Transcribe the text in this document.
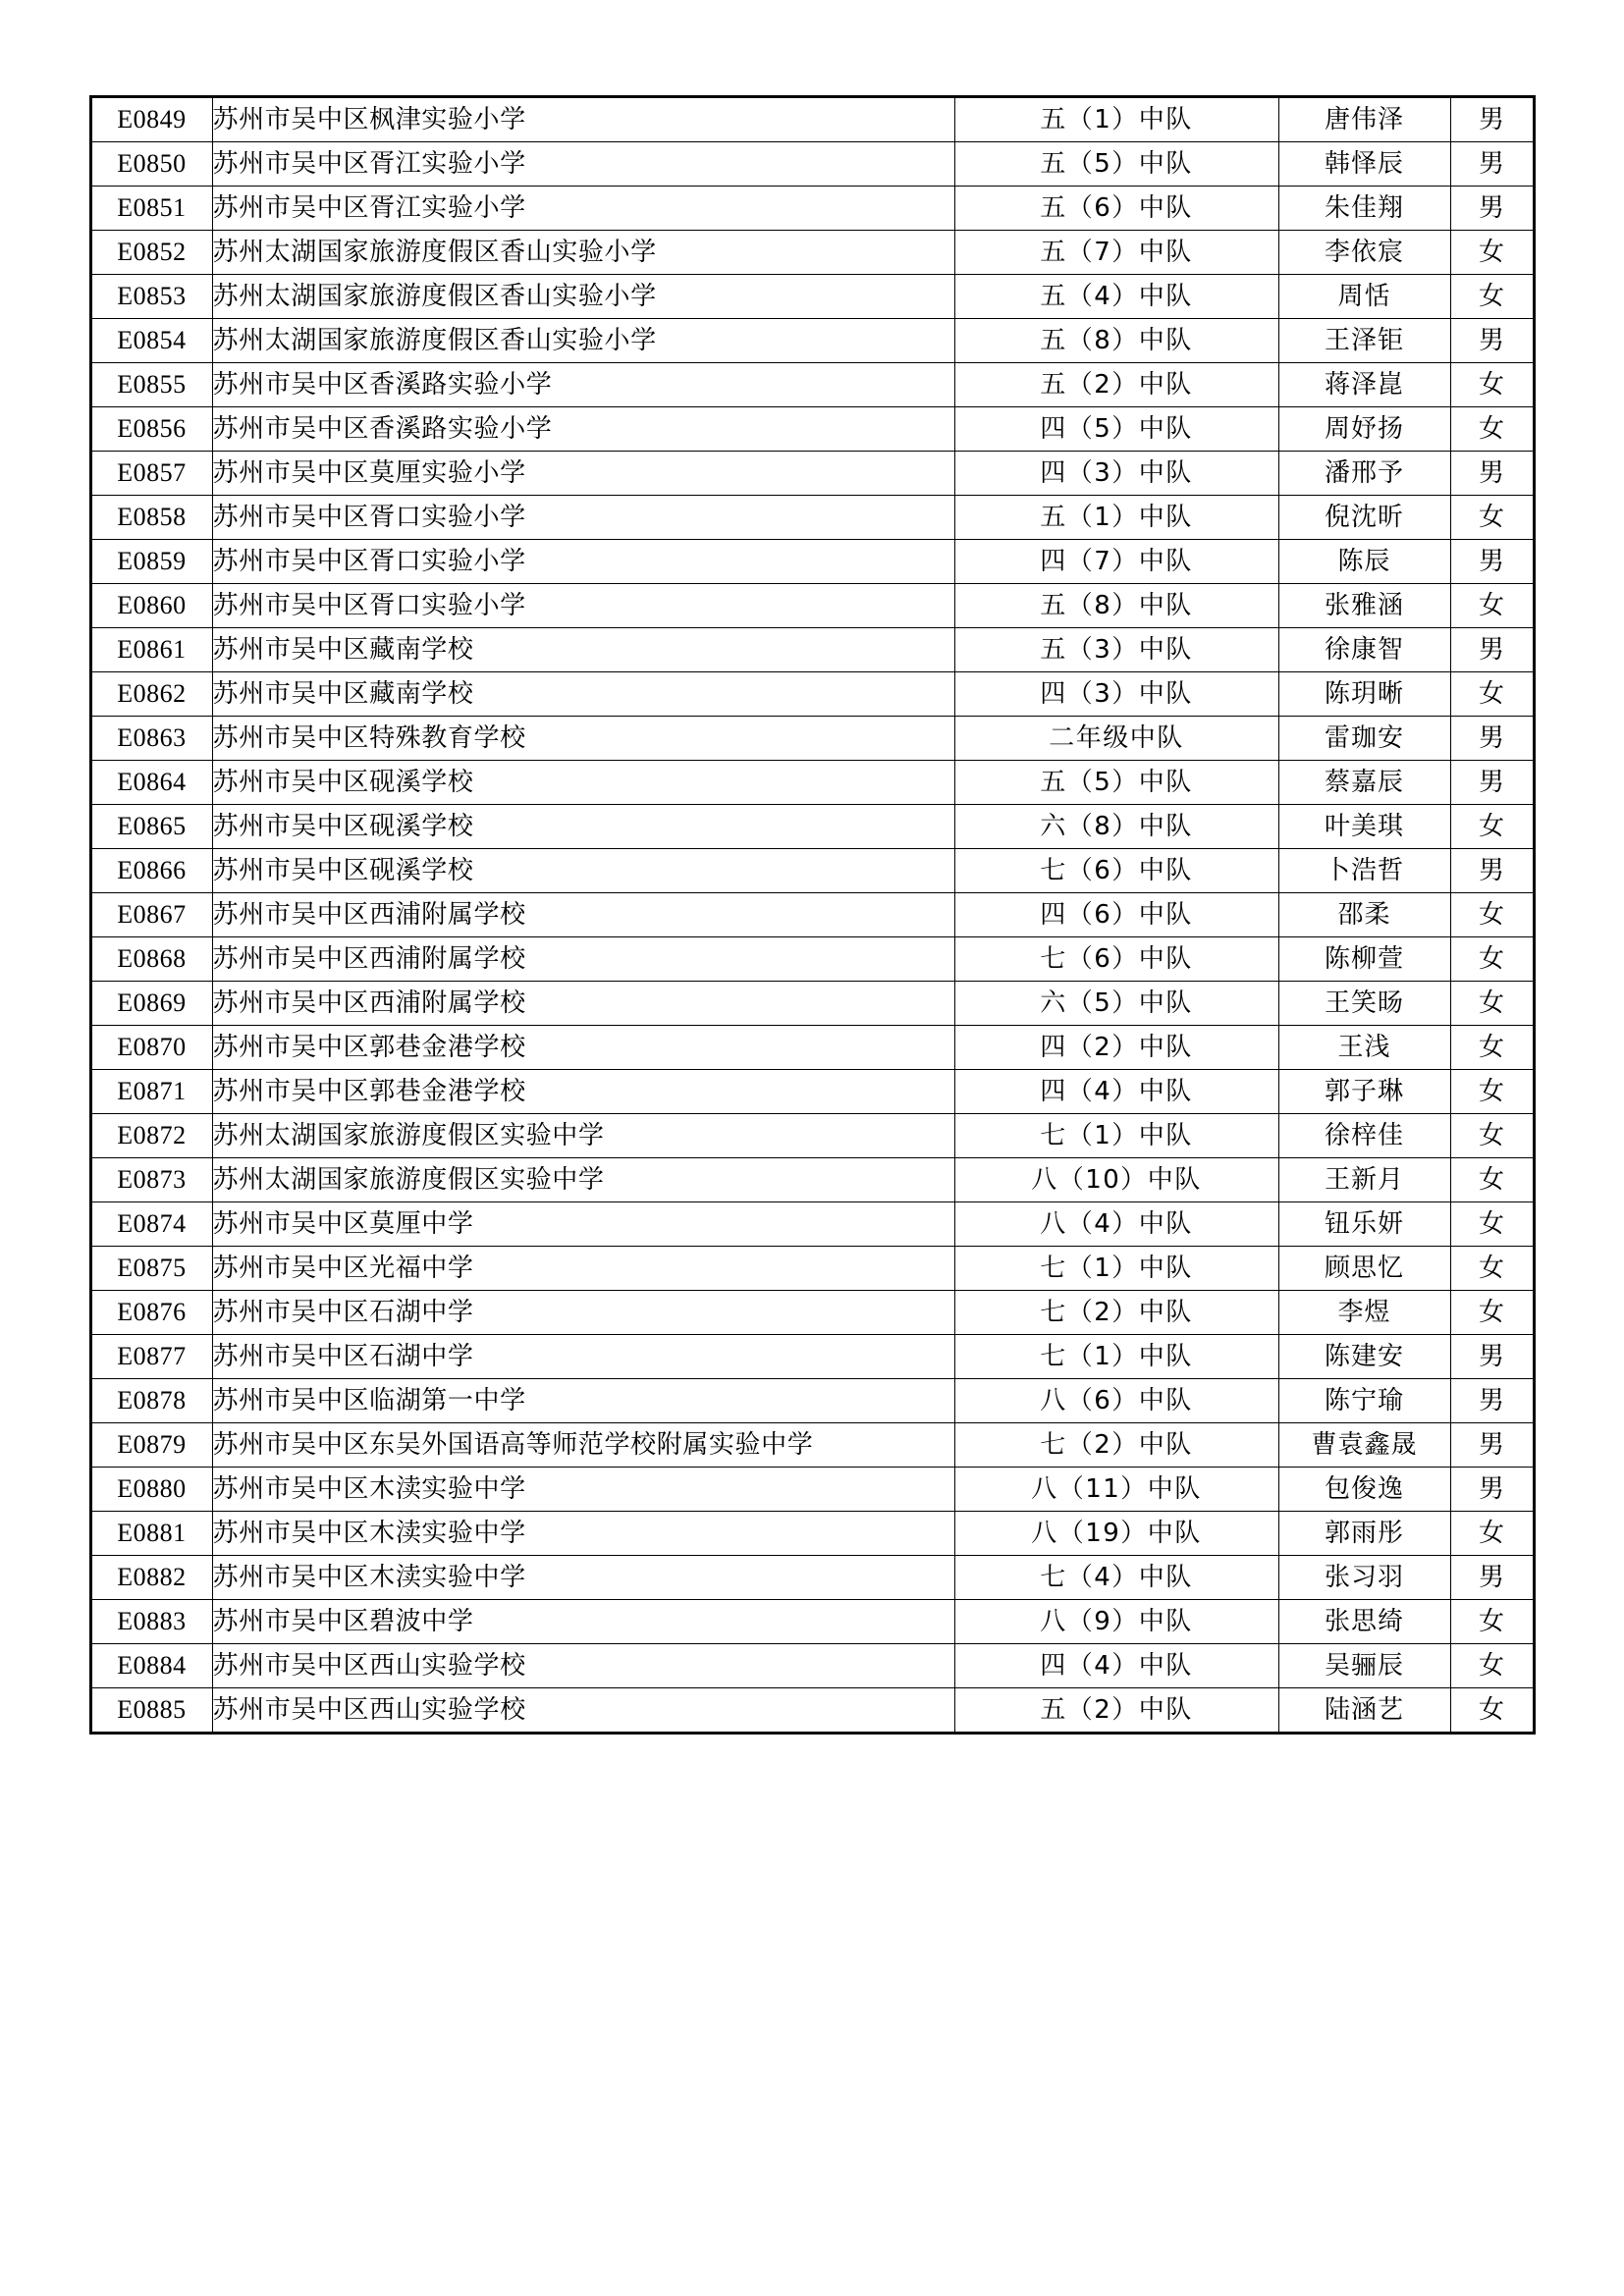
E0849	苏州市吴中区枫津实验小学	五（1）中队	唐伟泽	男
E0850	苏州市吴中区胥江实验小学	五（5）中队	韩怿辰	男
E0851	苏州市吴中区胥江实验小学	五（6）中队	朱佳翔	男
E0852	苏州太湖国家旅游度假区香山实验小学	五（7）中队	李依宸	女
E0853	苏州太湖国家旅游度假区香山实验小学	五（4）中队	周恬	女
E0854	苏州太湖国家旅游度假区香山实验小学	五（8）中队	王泽钜	男
E0855	苏州市吴中区香溪路实验小学	五（2）中队	蒋泽崑	女
E0856	苏州市吴中区香溪路实验小学	四（5）中队	周妤扬	女
E0857	苏州市吴中区莫厘实验小学	四（3）中队	潘邢予	男
E0858	苏州市吴中区胥口实验小学	五（1）中队	倪沈昕	女
E0859	苏州市吴中区胥口实验小学	四（7）中队	陈辰	男
E0860	苏州市吴中区胥口实验小学	五（8）中队	张雅涵	女
E0861	苏州市吴中区藏南学校	五（3）中队	徐康智	男
E0862	苏州市吴中区藏南学校	四（3）中队	陈玥晰	女
E0863	苏州市吴中区特殊教育学校	二年级中队	雷珈安	男
E0864	苏州市吴中区砚溪学校	五（5）中队	蔡嘉辰	男
E0865	苏州市吴中区砚溪学校	六（8）中队	叶美琪	女
E0866	苏州市吴中区砚溪学校	七（6）中队	卜浩哲	男
E0867	苏州市吴中区西浦附属学校	四（6）中队	邵柔	女
E0868	苏州市吴中区西浦附属学校	七（6）中队	陈柳萱	女
E0869	苏州市吴中区西浦附属学校	六（5）中队	王笑旸	女
E0870	苏州市吴中区郭巷金港学校	四（2）中队	王浅	女
E0871	苏州市吴中区郭巷金港学校	四（4）中队	郭子琳	女
E0872	苏州太湖国家旅游度假区实验中学	七（1）中队	徐梓佳	女
E0873	苏州太湖国家旅游度假区实验中学	八（10）中队	王新月	女
E0874	苏州市吴中区莫厘中学	八（4）中队	钮乐妍	女
E0875	苏州市吴中区光福中学	七（1）中队	顾思忆	女
E0876	苏州市吴中区石湖中学	七（2）中队	李煜	女
E0877	苏州市吴中区石湖中学	七（1）中队	陈建安	男
E0878	苏州市吴中区临湖第一中学	八（6）中队	陈宁瑜	男
E0879	苏州市吴中区东吴外国语高等师范学校附属实验中学	七（2）中队	曹袁鑫晟	男
E0880	苏州市吴中区木渎实验中学	八（11）中队	包俊逸	男
E0881	苏州市吴中区木渎实验中学	八（19）中队	郭雨彤	女
E0882	苏州市吴中区木渎实验中学	七（4）中队	张习羽	男
E0883	苏州市吴中区碧波中学	八（9）中队	张思绮	女
E0884	苏州市吴中区西山实验学校	四（4）中队	吴骊辰	女
E0885	苏州市吴中区西山实验学校	五（2）中队	陆涵艺	女
